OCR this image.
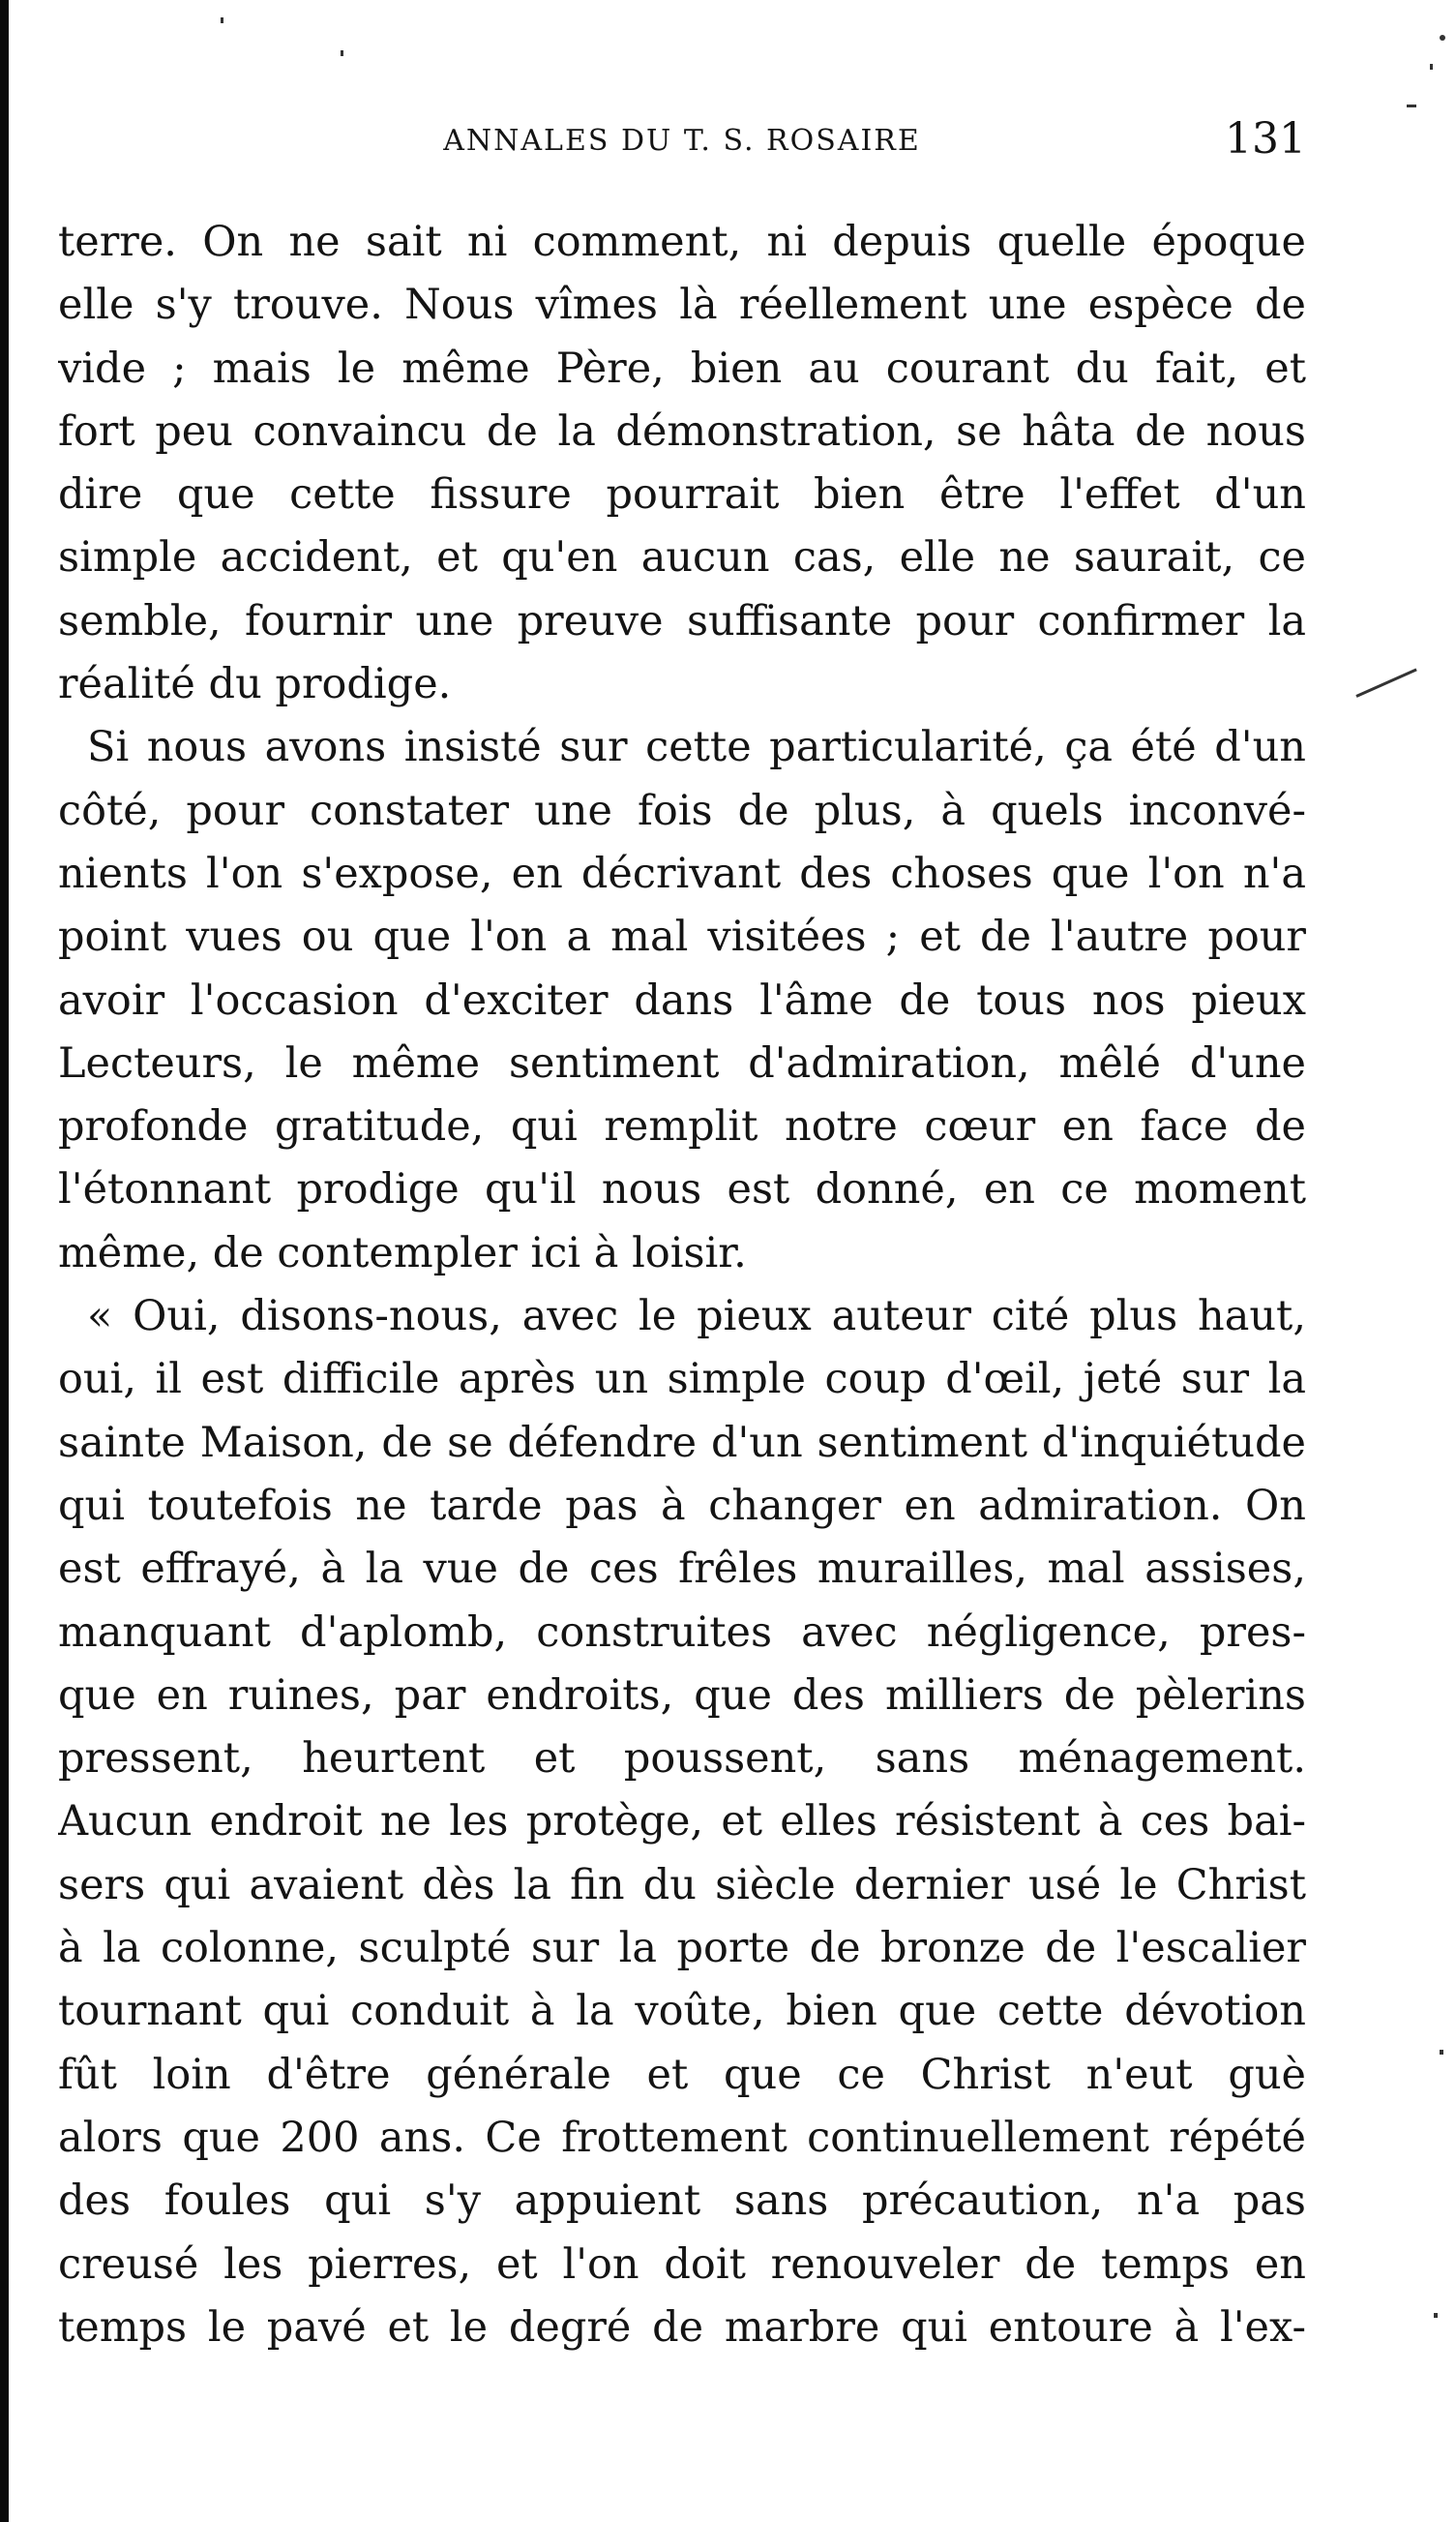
ANNALES DU T. S. ROSAIRE	131
terre. On ne sait ni comment, ni depuis quelle époque
elle s'y trouve. Nous vîmes là réellement une espèce de
vide ; mais le même Père, bien au courant du fait, et
fort peu convaincu de la démonstration, se hâta de nous
dire que cette fissure pourrait bien être l'effet d'un
simple accident, et qu'en aucun cas, elle ne saurait, ce
semble, fournir une preuve suffisante pour confirmer la
réalité du prodige.
Si nous avons insisté sur cette particularité, ça été d'un
côté, pour constater une fois de plus, à quels inconvé-
nients l'on s'expose, en décrivant des choses que l'on n'a
point vues ou que l'on a mal visitées ; et de l'autre pour
avoir l'occasion d'exciter dans l'âme de tous nos pieux
Lecteurs, le même sentiment d'admiration, mêlé d'une
profonde gratitude, qui remplit notre cœur en face de
l'étonnant prodige qu'il nous est donné, en ce moment
même, de contempler ici à loisir.
« Oui, disons-nous, avec le pieux auteur cité plus haut,
oui, il est difficile après un simple coup d'œil, jeté sur la
sainte Maison, de se défendre d'un sentiment d'inquiétude
qui toutefois ne tarde pas à changer en admiration. On
est effrayé, à la vue de ces frêles murailles, mal assises,
manquant d'aplomb, construites avec négligence, pres-
que en ruines, par endroits, que des milliers de pèlerins
pressent, heurtent et poussent, sans ménagement.
Aucun endroit ne les protège, et elles résistent à ces bai-
sers qui avaient dès la fin du siècle dernier usé le Christ
à la colonne, sculpté sur la porte de bronze de l'escalier
tournant qui conduit à la voûte, bien que cette dévotion
fût loin d'être générale et que ce Christ n'eut guè
alors que 200 ans. Ce frottement continuellement répété
des foules qui s'y appuient sans précaution, n'a pas
creusé les pierres, et l'on doit renouveler de temps en
temps le pavé et le degré de marbre qui entoure à l'ex-
